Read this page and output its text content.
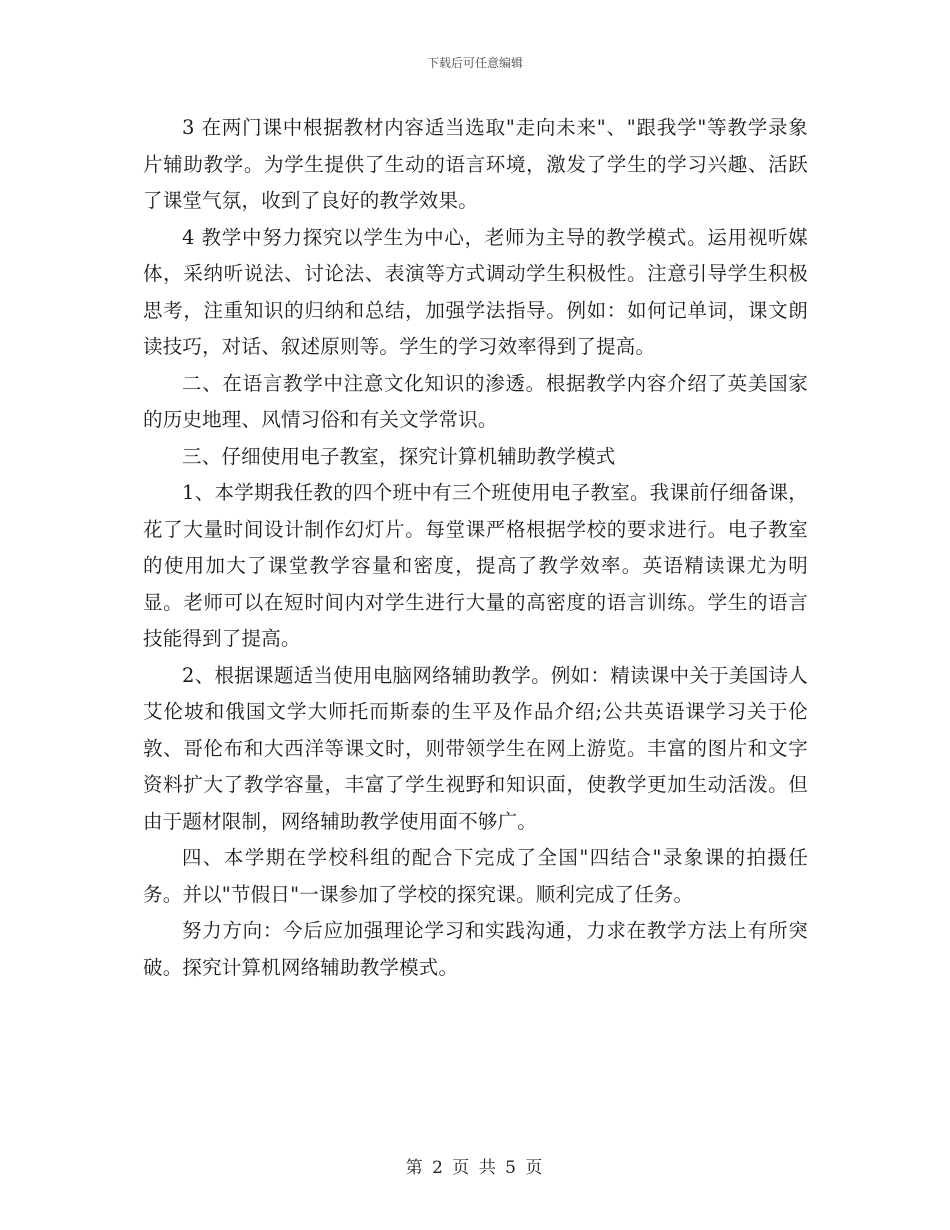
下载后可任意编辑

3 在两门课中根据教材内容适当选取"走向未来"、"跟我学"等教学录象片辅助教学。为学生提供了生动的语言环境，激发了学生的学习兴趣、活跃了课堂气氛，收到了良好的教学效果。

4 教学中努力探究以学生为中心，老师为主导的教学模式。运用视听媒体，采纳听说法、讨论法、表演等方式调动学生积极性。注意引导学生积极思考，注重知识的归纳和总结，加强学法指导。例如：如何记单词，课文朗读技巧，对话、叙述原则等。学生的学习效率得到了提高。

二、在语言教学中注意文化知识的渗透。根据教学内容介绍了英美国家的历史地理、风情习俗和有关文学常识。

三、仔细使用电子教室，探究计算机辅助教学模式

1、本学期我任教的四个班中有三个班使用电子教室。我课前仔细备课，花了大量时间设计制作幻灯片。每堂课严格根据学校的要求进行。电子教室的使用加大了课堂教学容量和密度，提高了教学效率。英语精读课尤为明显。老师可以在短时间内对学生进行大量的高密度的语言训练。学生的语言技能得到了提高。

2、根据课题适当使用电脑网络辅助教学。例如：精读课中关于美国诗人艾伦坡和俄国文学大师托而斯泰的生平及作品介绍;公共英语课学习关于伦敦、哥伦布和大西洋等课文时，则带领学生在网上游览。丰富的图片和文字资料扩大了教学容量，丰富了学生视野和知识面，使教学更加生动活泼。但由于题材限制，网络辅助教学使用面不够广。

四、本学期在学校科组的配合下完成了全国"四结合"录象课的拍摄任务。并以"节假日"一课参加了学校的探究课。顺利完成了任务。

努力方向：今后应加强理论学习和实践沟通，力求在教学方法上有所突破。探究计算机网络辅助教学模式。

第 2 页 共 5 页
